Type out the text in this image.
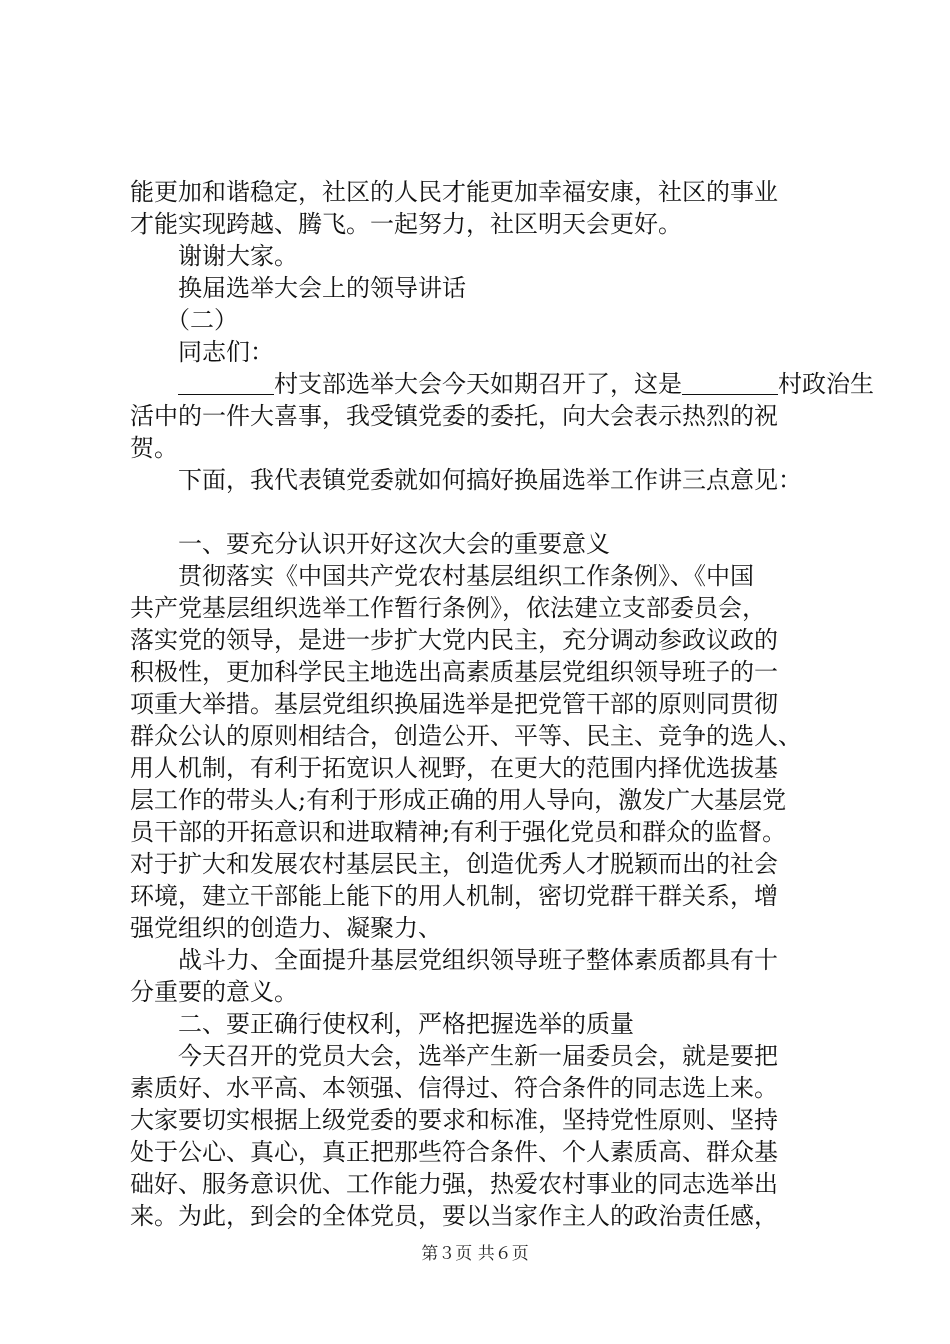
能更加和谐稳定，社区的人民才能更加幸福安康，社区的事业

才能实现跨越、腾飞。一起努力，社区明天会更好。

　　谢谢大家。

　　换届选举大会上的领导讲话

　　（二）

　　同志们：

　　＿＿＿＿村支部选举大会今天如期召开了，这是＿＿＿＿村政治生

活中的一件大喜事，我受镇党委的委托，向大会表示热烈的祝

贺。

　　下面，我代表镇党委就如何搞好换届选举工作讲三点意见：

　　一、要充分认识开好这次大会的重要意义

　　贯彻落实《中国共产党农村基层组织工作条例》、《中国

共产党基层组织选举工作暂行条例》，依法建立支部委员会，

落实党的领导，是进一步扩大党内民主，充分调动参政议政的

积极性，更加科学民主地选出高素质基层党组织领导班子的一

项重大举措。基层党组织换届选举是把党管干部的原则同贯彻

群众公认的原则相结合，创造公开、平等、民主、竞争的选人、

用人机制，有利于拓宽识人视野，在更大的范围内择优选拔基

层工作的带头人;有利于形成正确的用人导向，激发广大基层党

员干部的开拓意识和进取精神;有利于强化党员和群众的监督。

对于扩大和发展农村基层民主，创造优秀人才脱颖而出的社会

环境，建立干部能上能下的用人机制，密切党群干群关系，增

强党组织的创造力、凝聚力、

　　战斗力、全面提升基层党组织领导班子整体素质都具有十

分重要的意义。

　　二、要正确行使权利，严格把握选举的质量

　　今天召开的党员大会，选举产生新一届委员会，就是要把

素质好、水平高、本领强、信得过、符合条件的同志选上来。

大家要切实根据上级党委的要求和标准，坚持党性原则、坚持

处于公心、真心，真正把那些符合条件、个人素质高、群众基

础好、服务意识优、工作能力强，热爱农村事业的同志选举出

来。为此，到会的全体党员，要以当家作主人的政治责任感，

第３页 共６页
